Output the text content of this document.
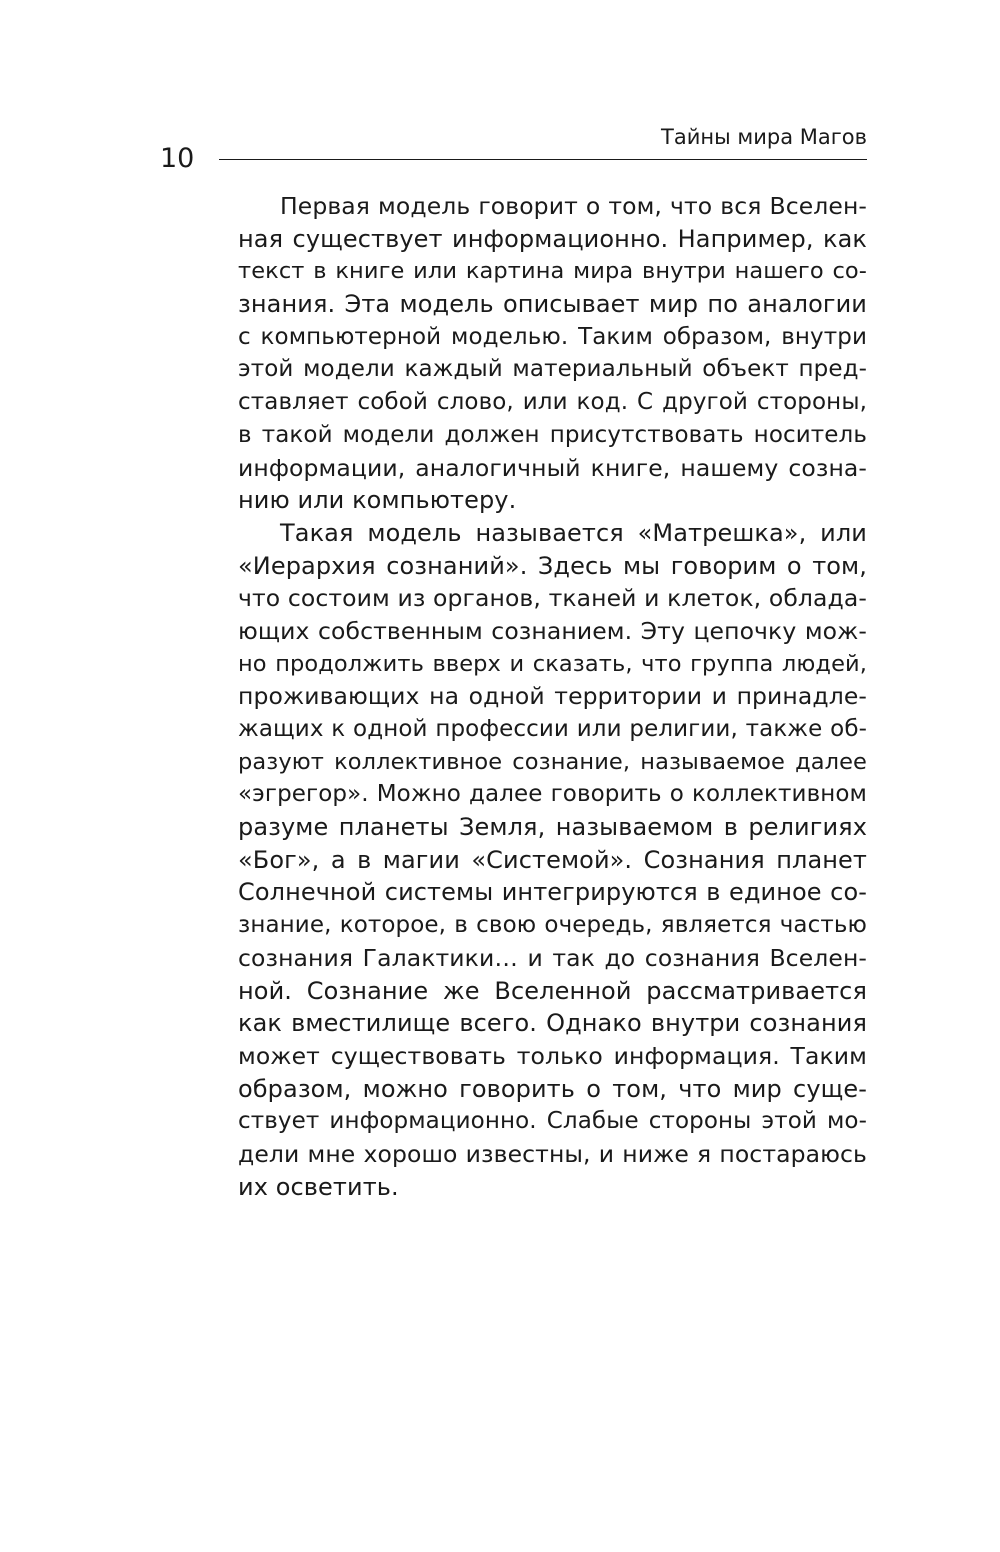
Тайны мира Магов
10

Первая модель говорит о том, что вся Вселен-
ная существует информационно. Например, как
текст в книге или картина мира внутри нашего со-
знания. Эта модель описывает мир по аналогии
с компьютерной моделью. Таким образом, внутри
этой модели каждый материальный объект пред-
ставляет собой слово, или код. С другой стороны,
в такой модели должен присутствовать носитель
информации, аналогичный книге, нашему созна-
нию или компьютеру.

Такая модель называется «Матрешка», или
«Иерархия сознаний». Здесь мы говорим о том,
что состоим из органов, тканей и клеток, облада-
ющих собственным сознанием. Эту цепочку мож-
но продолжить вверх и сказать, что группа людей,
проживающих на одной территории и принадле-
жащих к одной профессии или религии, также об-
разуют коллективное сознание, называемое далее
«эгрегор». Можно далее говорить о коллективном
разуме планеты Земля, называемом в религиях
«Бог», а в магии «Системой». Сознания планет
Солнечной системы интегрируются в единое со-
знание, которое, в свою очередь, является частью
сознания Галактики… и так до сознания Вселен-
ной. Сознание же Вселенной рассматривается
как вместилище всего. Однако внутри сознания
может существовать только информация. Таким
образом, можно говорить о том, что мир суще-
ствует информационно. Слабые стороны этой мо-
дели мне хорошо известны, и ниже я постараюсь
их осветить.
